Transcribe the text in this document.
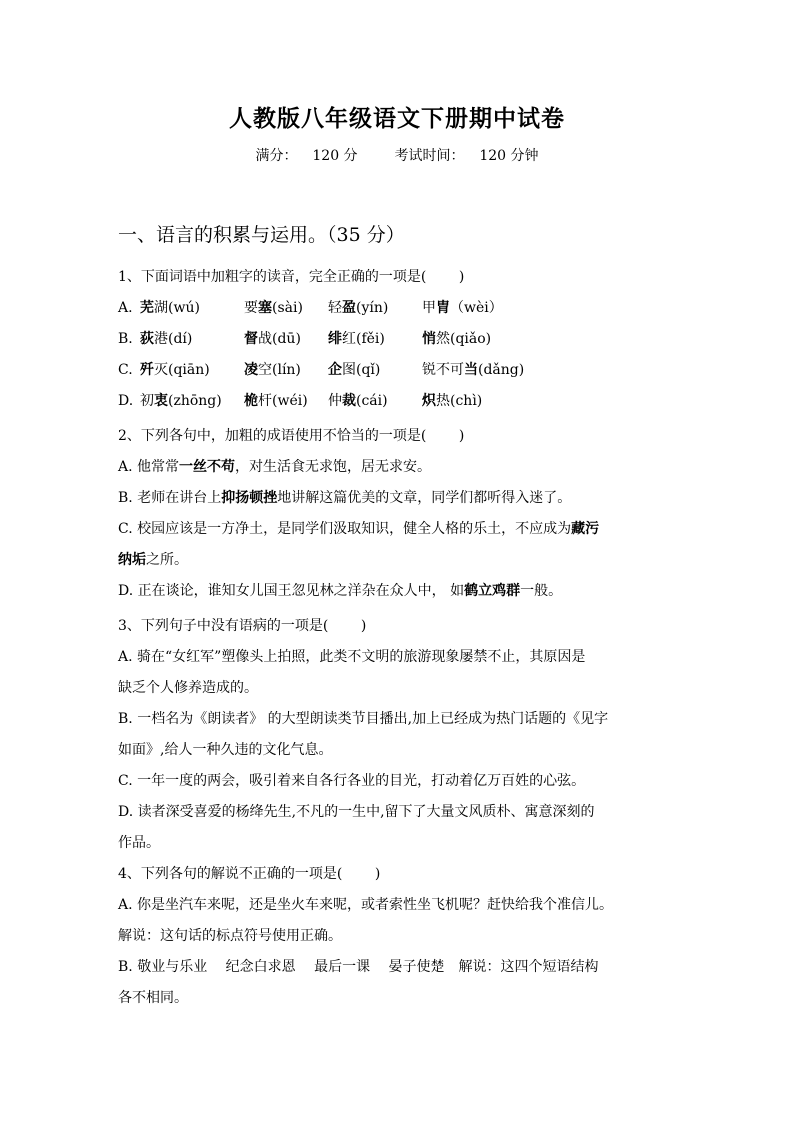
人教版八年级语文下册期中试卷
满分： 120 分	考试时间： 120 分钟
一、语言的积累与运用。（35 分）
1、下面词语中加粗字的读音，完全正确的一项是(　　 )
A. 芜湖(wú)	要塞(sài) 轻盈(yín) 甲胄（wèi）
B. 荻港(dí)	督战(dū) 绯红(fěi)	悄然(qiǎo)
C. 歼灭(qiān) 凌空(lín) 企图(qǐ)	锐不可当(dǎng)
D. 初衷(zhōng) 桅杆(wéi) 仲裁(cái) 炽热(chì)
2、下列各句中，加粗的成语使用不恰当的一项是(　　 )
A. 他常常一丝不苟，对生活食无求饱，居无求安。
B. 老师在讲台上抑扬顿挫地讲解这篇优美的文章，同学们都听得入迷了。
C. 校园应该是一方净土，是同学们汲取知识，健全人格的乐土，不应成为藏污
纳垢之所。
D. 正在谈论，谁知女儿国王忽见林之洋杂在众人中， 如鹤立鸡群一般。
3、下列句子中没有语病的一项是(　　 )
A. 骑在“女红军”塑像头上拍照，此类不文明的旅游现象屡禁不止，其原因是
缺乏个人修养造成的。
B. 一档名为《朗读者》 的大型朗读类节目播出,加上已经成为热门话题的《见字
如面》,给人一种久违的文化气息。
C. 一年一度的两会，吸引着来自各行各业的目光，打动着亿万百姓的心弦。
D. 读者深受喜爱的杨绛先生,不凡的一生中,留下了大量文风质朴、寓意深刻的
作品。
4、下列各句的解说不正确的一项是(　　 )
A. 你是坐汽车来呢，还是坐火车来呢，或者索性坐飞机呢？赶快给我个准信儿。
解说：这句话的标点符号使用正确。
B. 敬业与乐业　 纪念白求恩　 最后一课　 晏子使楚　解说：这四个短语结构
各不相同。
